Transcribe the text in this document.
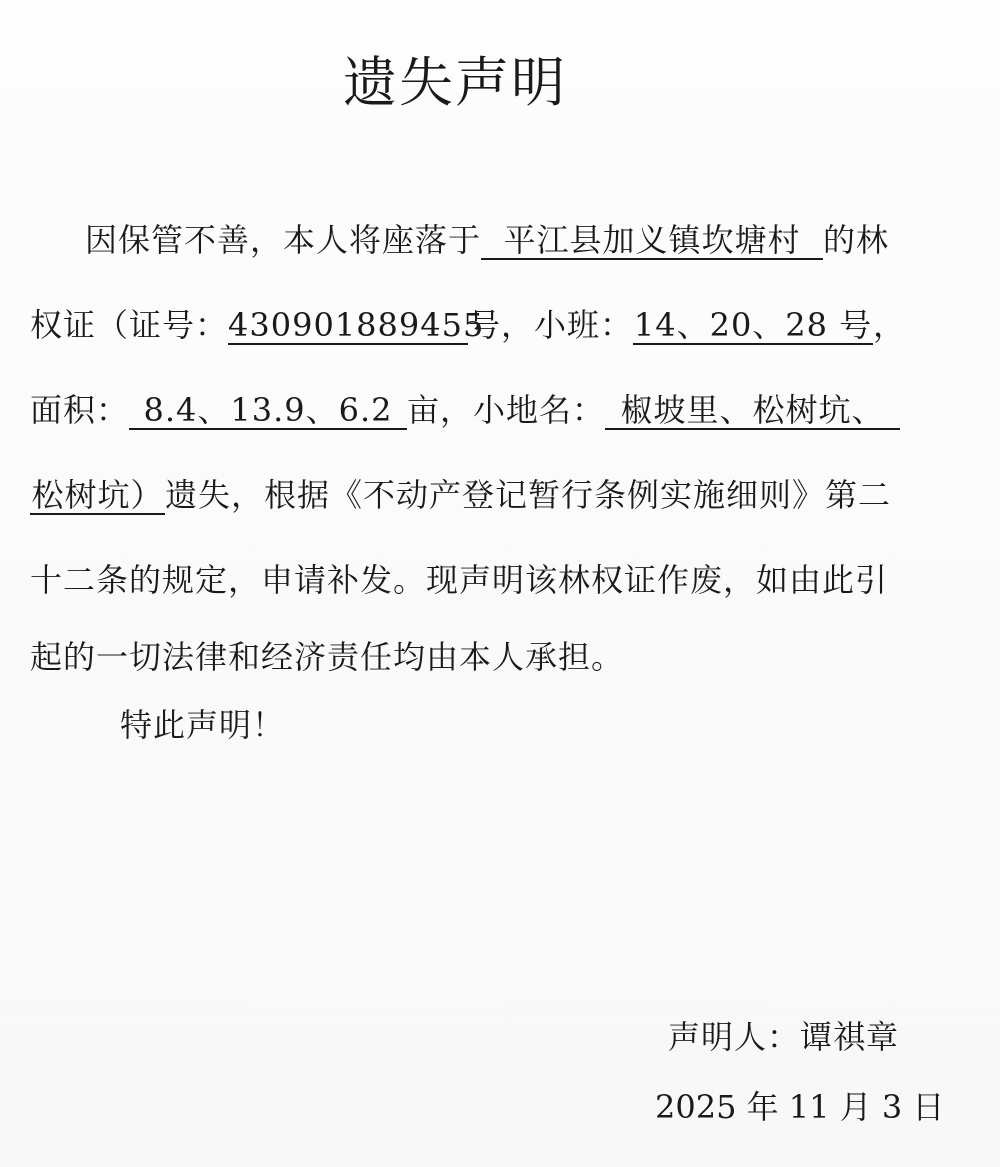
遗失声明
因保管不善，本人将座落于 平江县加义镇坎塘村 的林
权证（证号：430901889455号，小班：14、20、28 号，
面积： 8.4、13.9、6.2 亩，小地名： 椒坡里、松树坑、
松树坑）遗失，根据《不动产登记暂行条例实施细则》第二
十二条的规定，申请补发。现声明该林权证作废，如由此引
起的一切法律和经济责任均由本人承担。
特此声明！
声明人：谭祺章
2025 年 11 月 3 日
